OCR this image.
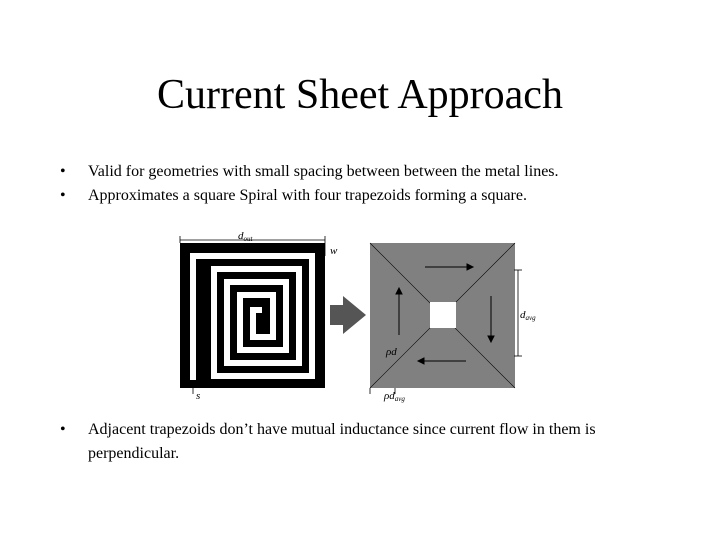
Current Sheet Approach
•	Valid for geometries with small spacing between between the metal lines.
•	Approximates a square Spiral with four trapezoids forming a square.
dout
w
s
davg
ρd
ρdavg
•	Adjacent trapezoids don’t have mutual inductance since current flow in them is perpendicular.
